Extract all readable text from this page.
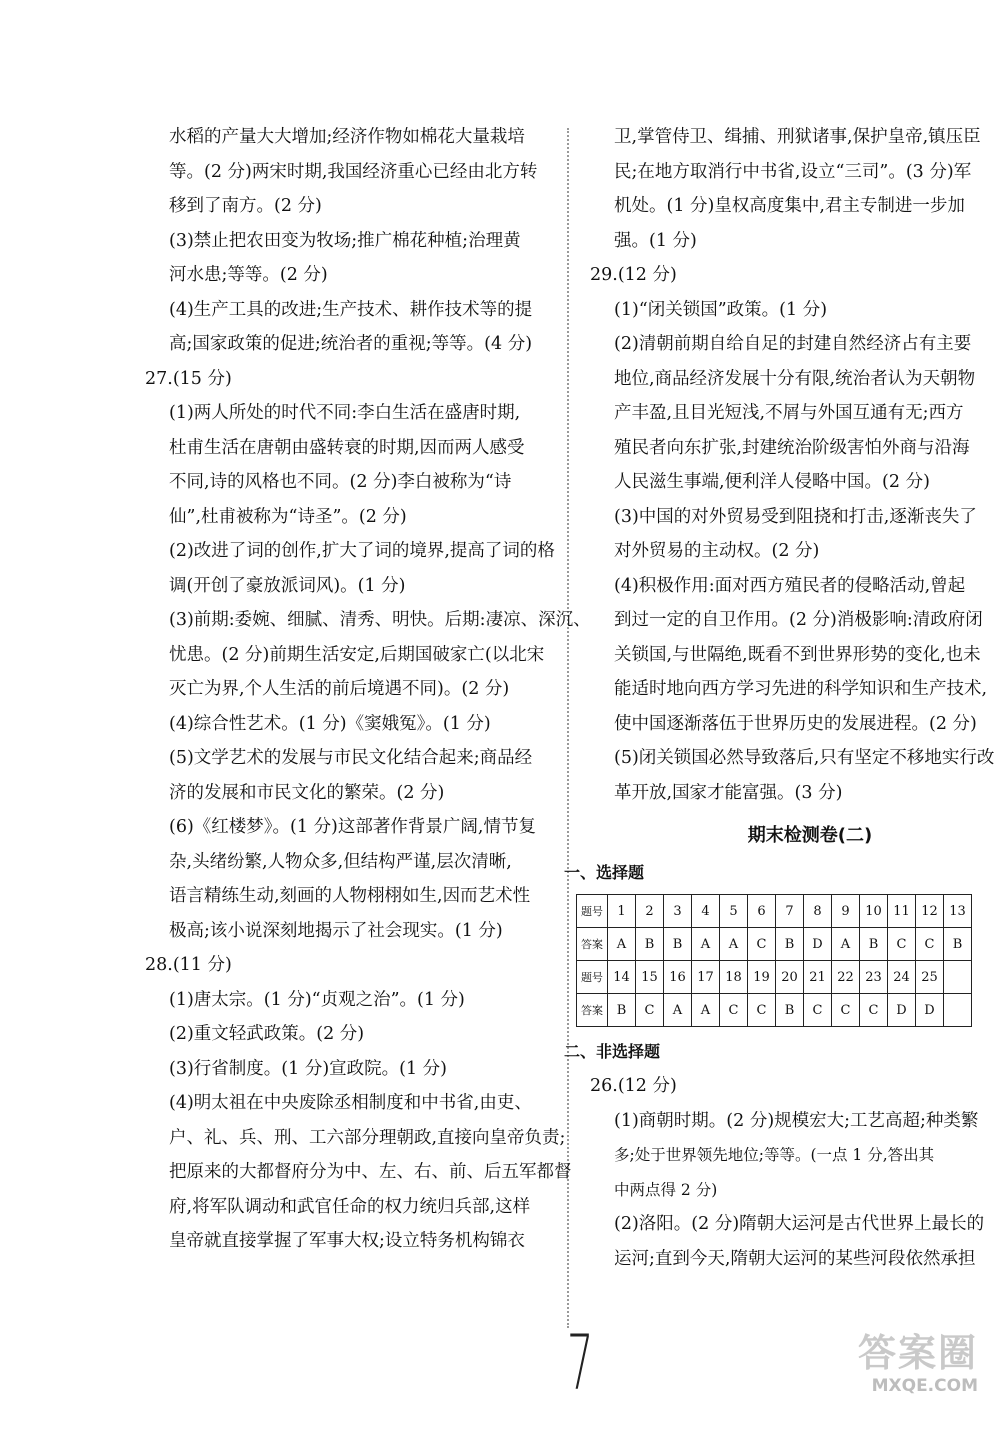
水稻的产量大大增加;经济作物如棉花大量栽培
等。(2 分)两宋时期,我国经济重心已经由北方转
移到了南方。(2 分)
(3)禁止把农田变为牧场;推广棉花种植;治理黄
河水患;等等。(2 分)
(4)生产工具的改进;生产技术、耕作技术等的提
高;国家政策的促进;统治者的重视;等等。(4 分)
27.(15 分)
(1)两人所处的时代不同:李白生活在盛唐时期,
杜甫生活在唐朝由盛转衰的时期,因而两人感受
不同,诗的风格也不同。(2 分)李白被称为“诗
仙”,杜甫被称为“诗圣”。(2 分)
(2)改进了词的创作,扩大了词的境界,提高了词的格
调(开创了豪放派词风)。(1 分)
(3)前期:委婉、细腻、清秀、明快。后期:凄凉、深沉、
忧患。(2 分)前期生活安定,后期国破家亡(以北宋
灭亡为界,个人生活的前后境遇不同)。(2 分)
(4)综合性艺术。(1 分)《窦娥冤》。(1 分)
(5)文学艺术的发展与市民文化结合起来;商品经
济的发展和市民文化的繁荣。(2 分)
(6)《红楼梦》。(1 分)这部著作背景广阔,情节复
杂,头绪纷繁,人物众多,但结构严谨,层次清晰,
语言精练生动,刻画的人物栩栩如生,因而艺术性
极高;该小说深刻地揭示了社会现实。(1 分)
28.(11 分)
(1)唐太宗。(1 分)“贞观之治”。(1 分)
(2)重文轻武政策。(2 分)
(3)行省制度。(1 分)宣政院。(1 分)
(4)明太祖在中央废除丞相制度和中书省,由吏、
户、礼、兵、刑、工六部分理朝政,直接向皇帝负责;
把原来的大都督府分为中、左、右、前、后五军都督
府,将军队调动和武官任命的权力统归兵部,这样
皇帝就直接掌握了军事大权;设立特务机构锦衣
卫,掌管侍卫、缉捕、刑狱诸事,保护皇帝,镇压臣
民;在地方取消行中书省,设立“三司”。(3 分)军
机处。(1 分)皇权高度集中,君主专制进一步加
强。(1 分)
29.(12 分)
(1)“闭关锁国”政策。(1 分)
(2)清朝前期自给自足的封建自然经济占有主要
地位,商品经济发展十分有限,统治者认为天朝物
产丰盈,且目光短浅,不屑与外国互通有无;西方
殖民者向东扩张,封建统治阶级害怕外商与沿海
人民滋生事端,便利洋人侵略中国。(2 分)
(3)中国的对外贸易受到阻挠和打击,逐渐丧失了
对外贸易的主动权。(2 分)
(4)积极作用:面对西方殖民者的侵略活动,曾起
到过一定的自卫作用。(2 分)消极影响:清政府闭
关锁国,与世隔绝,既看不到世界形势的变化,也未
能适时地向西方学习先进的科学知识和生产技术,
使中国逐渐落伍于世界历史的发展进程。(2 分)
(5)闭关锁国必然导致落后,只有坚定不移地实行改
革开放,国家才能富强。(3 分)
期末检测卷(二)
一、选择题
题号	1	2	3	4	5	6	7	8	9	10	11	12	13
答案	A	B	B	A	A	C	B	D	A	B	C	C	B
题号	14	15	16	17	18	19	20	21	22	23	24	25	
答案	B	C	A	A	C	C	B	C	C	C	D	D	
二、非选择题
26.(12 分)
(1)商朝时期。(2 分)规模宏大;工艺高超;种类繁
多;处于世界领先地位;等等。(一点 1 分,答出其
中两点得 2 分)
(2)洛阳。(2 分)隋朝大运河是古代世界上最长的
运河;直到今天,隋朝大运河的某些河段依然承担
7	答案圈
MXQE.COM
